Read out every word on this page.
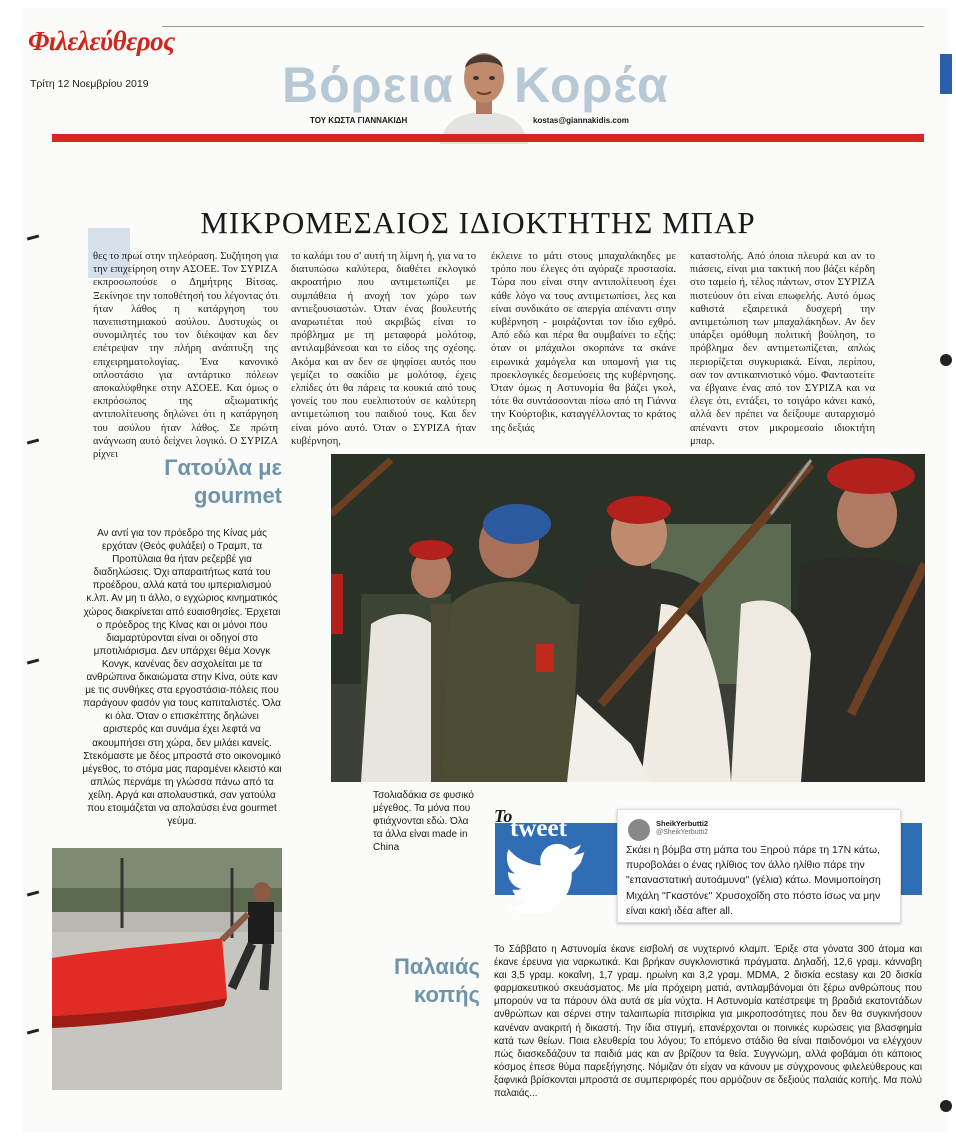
Φιλελεύθερος
Τρίτη 12 Νοεμβρίου 2019	Βόρεια Κορέα
ΤΟΥ ΚΩΣΤΑ ΓΙΑΝΝΑΚΙΔΗ	kostas@giannakidis.com
ΜΙΚΡΟΜΕΣΑΙΟΣ ΙΔΙΟΚΤΗΤΗΣ ΜΠΑΡ
θες το πρωί στην τηλεόραση. Συζήτηση για την επιχείρηση στην ΑΣΟΕΕ. Τον ΣΥΡΙΖΑ εκπροσωπούσε ο Δημήτρης Βίτσας. Ξεκίνησε την τοποθέτησή του λέγοντας ότι ήταν λάθος η κατάργηση του πανεπιστημιακού ασύλου. Δυστυχώς οι συνομιλητές του τον διέκοψαν και δεν επέτρεψαν την πλήρη ανάπτυξη της επιχειρηματολογίας. Ένα κανονικό οπλοστάσιο για αντάρτικο πόλεων αποκαλύφθηκε στην ΑΣΟΕΕ. Και όμως ο εκπρόσωπος της αξιωματικής αντιπολίτευσης δηλώνει ότι η κατάργηση του ασύλου ήταν λάθος. Σε πρώτη ανάγνωση αυτό δείχνει λογικό. Ο ΣΥΡΙΖΑ ρίχνει
το καλάμι του σ' αυτή τη λίμνη ή, για να το διατυπώσω καλύτερα, διαθέτει εκλογικό ακροατήριο που αντιμετωπίζει με συμπάθεια ή ανοχή τον χώρο των αντιεξουσιαστών. Όταν ένας βουλευτής αναρωτιέται πού ακριβώς είναι το πρόβλημα με τη μεταφορά μολότοφ, αντιλαμβάνεσαι και το είδος της σχέσης. Ακόμα και αν δεν σε ψηφίσει αυτός που γεμίζει το σακίδιο με μολότοφ, έχεις ελπίδες ότι θα πάρεις τα κουκιά από τους γονείς του που ευελπιστούν σε καλύτερη αντιμετώπιση του παιδιού τους. Και δεν είναι μόνο αυτό. Όταν ο ΣΥΡΙΖΑ ήταν κυβέρνηση,
έκλεινε το μάτι στους μπαχαλάκηδες με τρόπο που έλεγες ότι αγόραζε προστασία. Τώρα που είναι στην αντιπολίτευση έχει κάθε λόγο να τους αντιμετωπίσει, λες και είναι συνδικάτο σε απεργία απέναντι στην κυβέρνηση - μοιράζονται τον ίδιο εχθρό. Από εδώ και πέρα θα συμβαίνει το εξής: όταν οι μπάχαλοι σκορπάνε τα σκάνε ειρωνικά χαμόγελα και υπομονή για τις προεκλογικές δεσμεύσεις της κυβέρνησης. Όταν όμως η Αστυνομία θα βάζει γκολ, τότε θα συντάσσονται πίσω από τη Γιάννα την Κούρτοβικ, καταγγέλλοντας το κράτος της δεξιάς
καταστολής. Από όποια πλευρά και αν το πιάσεις, είναι μια τακτική που βάζει κέρδη στο ταμείο ή, τέλος πάντων, στον ΣΥΡΙΖΑ πιστεύουν ότι είναι επωφελής. Αυτό όμως καθιστά εξαιρετικά δυσχερή την αντιμετώπιση των μπαχαλάκηδων. Αν δεν υπάρξει ομόθυμη πολιτική βούληση, το πρόβλημα δεν αντιμετωπίζεται, απλώς περιορίζεται συγκυριακά. Είναι, περίπου, σαν τον αντικαπνιστικό νόμο. Φανταστείτε να έβγαινε ένας από τον ΣΥΡΙΖΑ και να έλεγε ότι, εντάξει, το τσιγάρο κάνει κακό, αλλά δεν πρέπει να δείξουμε αυταρχισμό απέναντι στον μικρομεσαίο ιδιοκτήτη μπαρ.
Γατούλα με
gourmet
Αν αντί για τον πρόεδρο της Κίνας μάς ερχόταν (Θεός φυλάξει) ο Τραμπ, τα Προπύλαια θα ήταν ρεζερβέ για διαδηλώσεις. Όχι απαραιτήτως κατά του προέδρου, αλλά κατά του ιμπεριαλισμού κ.λπ. Αν μη τι άλλο, ο εγχώριος κινηματικός χώρος διακρίνεται από ευαισθησίες. Έρχεται ο πρόεδρος της Κίνας και οι μόνοι που διαμαρτύρονται είναι οι οδηγοί στο μποτιλιάρισμα. Δεν υπάρχει θέμα Χονγκ Κονγκ, κανένας δεν ασχολείται με τα ανθρώπινα δικαιώματα στην Κίνα, ούτε καν με τις συνθήκες στα εργοστάσια-πόλεις που παράγουν φασόν για τους καπιταλιστές. Όλα κι όλα. Όταν ο επισκέπτης δηλώνει αριστερός και συνάμα έχει λεφτά να ακουμπήσει στη χώρα, δεν μιλάει κανείς. Στεκόμαστε με δέος μπροστά στο οικονομικό μέγεθος, το στόμα μας παραμένει κλειστό και απλώς περνάμε τη γλώσσα πάνω από τα χείλη. Αργά και απολαυστικά, σαν γατούλα που ετοιμάζεται να απολαύσει ένα gourmet γεύμα.
Τσολιαδάκια σε φυσικό μέγεθος. Τα μόνα που φτιάχνονται εδώ. Όλα τα άλλα είναι made in China
To
tweet	SheikYerbutti2
@SheikYerbutti2
Σκάει η βόμβα στη μάπα του Ξηρού πάρε τη 17Ν κάτω, πυροβολάει ο ένας ηλίθιος τον άλλο ηλίθιο πάρε την "επαναστατική αυτοάμυνα" (γέλια) κάτω. Μονιμοποίηση Μιχάλη "Γκαστόνε" Χρυσοχοΐδη στο πόστο ίσως να μην είναι κακή ιδέα after all.
Παλαιάς
κοπής
Το Σάββατο η Αστυνομία έκανε εισβολή σε νυχτερινό κλαμπ. Έριξε στα γόνατα 300 άτομα και έκανε έρευνα για ναρκωτικά. Και βρήκαν συγκλονιστικά πράγματα. Δηλαδή, 12,6 γραμ. κάνναβη και 3,5 γραμ. κοκαΐνη, 1,7 γραμ. ηρωίνη και 3,2 γραμ. MDMA, 2 δισκία ecstasy και 20 δισκία φαρμακευτικού σκευάσματος. Με μία πρόχειρη ματιά, αντιλαμβάνομαι ότι ξέρω ανθρώπους που μπορούν να τα πάρουν όλα αυτά σε μία νύχτα. Η Αστυνομία κατέστρεψε τη βραδιά εκατοντάδων ανθρώπων και σέρνει στην ταλαιπωρία πιτσιρίκια για μικροποσότητες που δεν θα συγκινήσουν κανέναν ανακριτή ή δικαστή. Την ίδια στιγμή, επανέρχονται οι ποινικές κυρώσεις για βλασφημία κατά των θείων. Ποια ελευθερία του λόγου; Το επόμενο στάδιο θα είναι παιδονόμοι να ελέγχουν πώς διασκεδάζουν τα παιδιά μας και αν βρίζουν τα θεία. Συγγνώμη, αλλά φοβάμαι ότι κάποιος κόσμος έπεσε θύμα παρεξήγησης. Νόμιζαν ότι είχαν να κάνουν με σύγχρονους φιλελεύθερους και ξαφνικά βρίσκονται μπροστά σε συμπεριφορές που αρμόζουν σε δεξιούς παλαιάς κοπής. Μα πολύ παλαιάς...
